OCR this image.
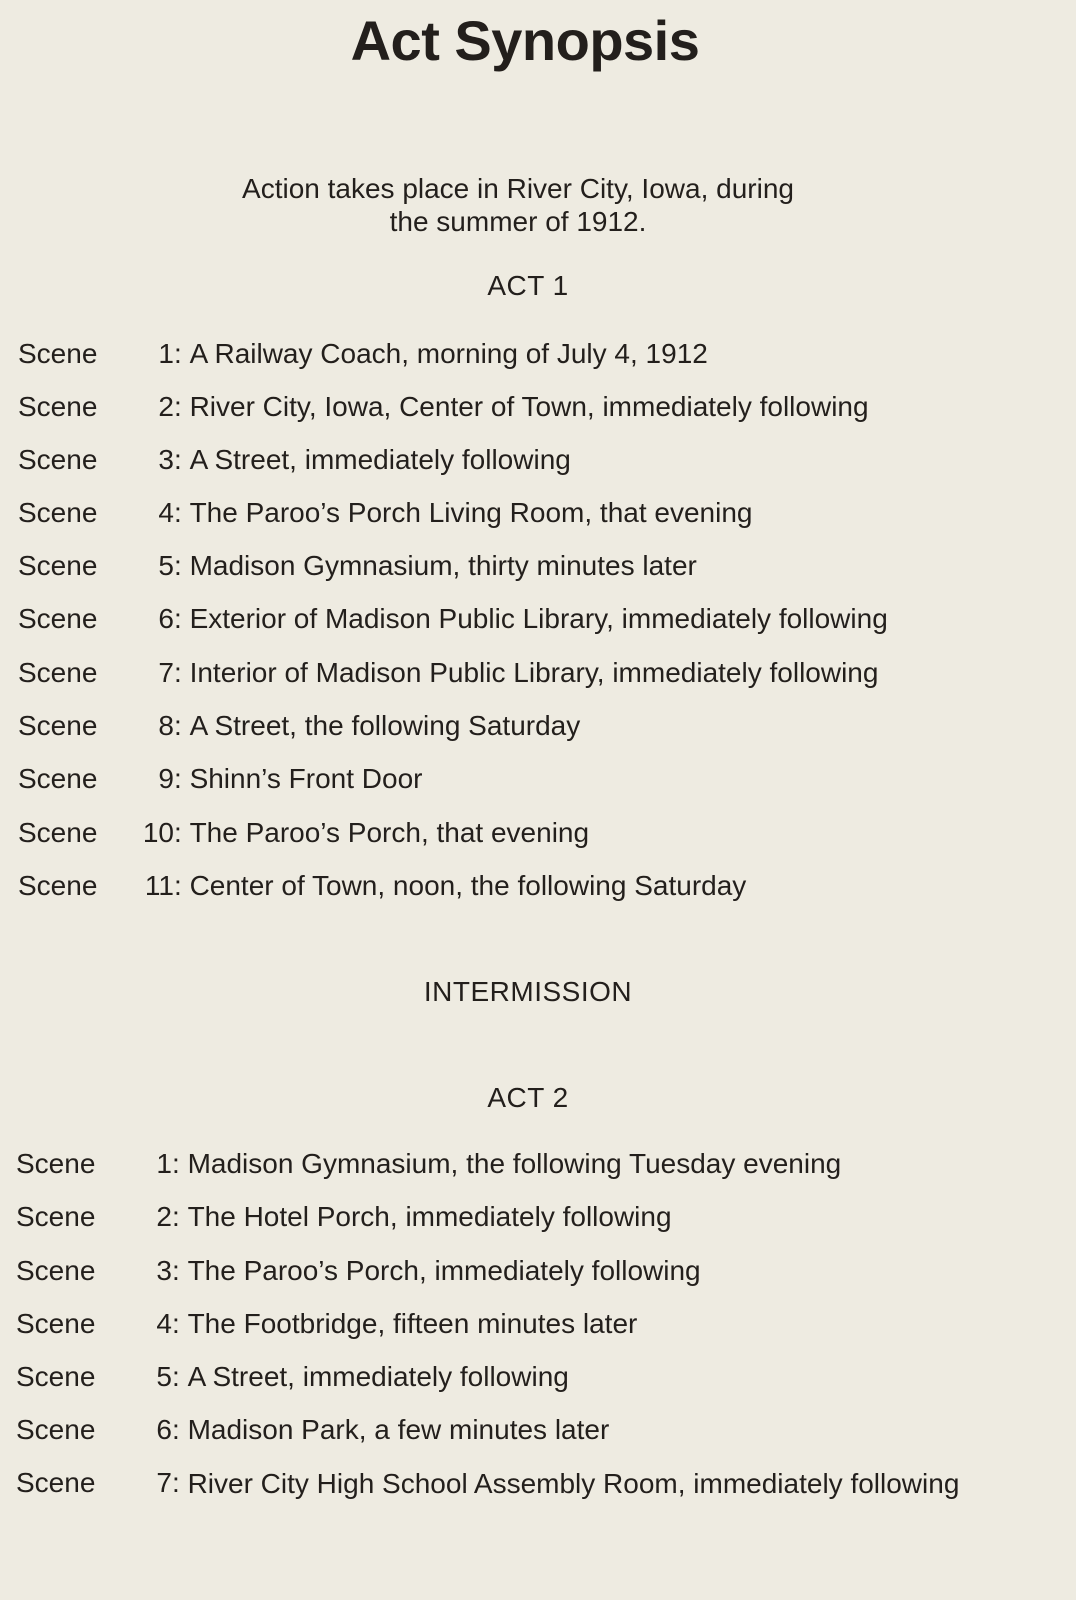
Act Synopsis
Action takes place in River City, Iowa, during
the summer of 1912.
ACT 1
Scene 1: A Railway Coach, morning of July 4, 1912
Scene 2: River City, Iowa, Center of Town, immediately following
Scene 3: A Street, immediately following
Scene 4: The Paroo’s Porch Living Room, that evening
Scene 5: Madison Gymnasium, thirty minutes later
Scene 6: Exterior of Madison Public Library, immediately following
Scene 7: Interior of Madison Public Library, immediately following
Scene 8: A Street, the following Saturday
Scene 9: Shinn’s Front Door
Scene 10: The Paroo’s Porch, that evening
Scene 11: Center of Town, noon, the following Saturday
INTERMISSION
ACT 2
Scene 1: Madison Gymnasium, the following Tuesday evening
Scene 2: The Hotel Porch, immediately following
Scene 3: The Paroo’s Porch, immediately following
Scene 4: The Footbridge, fifteen minutes later
Scene 5: A Street, immediately following
Scene 6: Madison Park, a few minutes later
Scene 7: River City High School Assembly Room, immediately following
